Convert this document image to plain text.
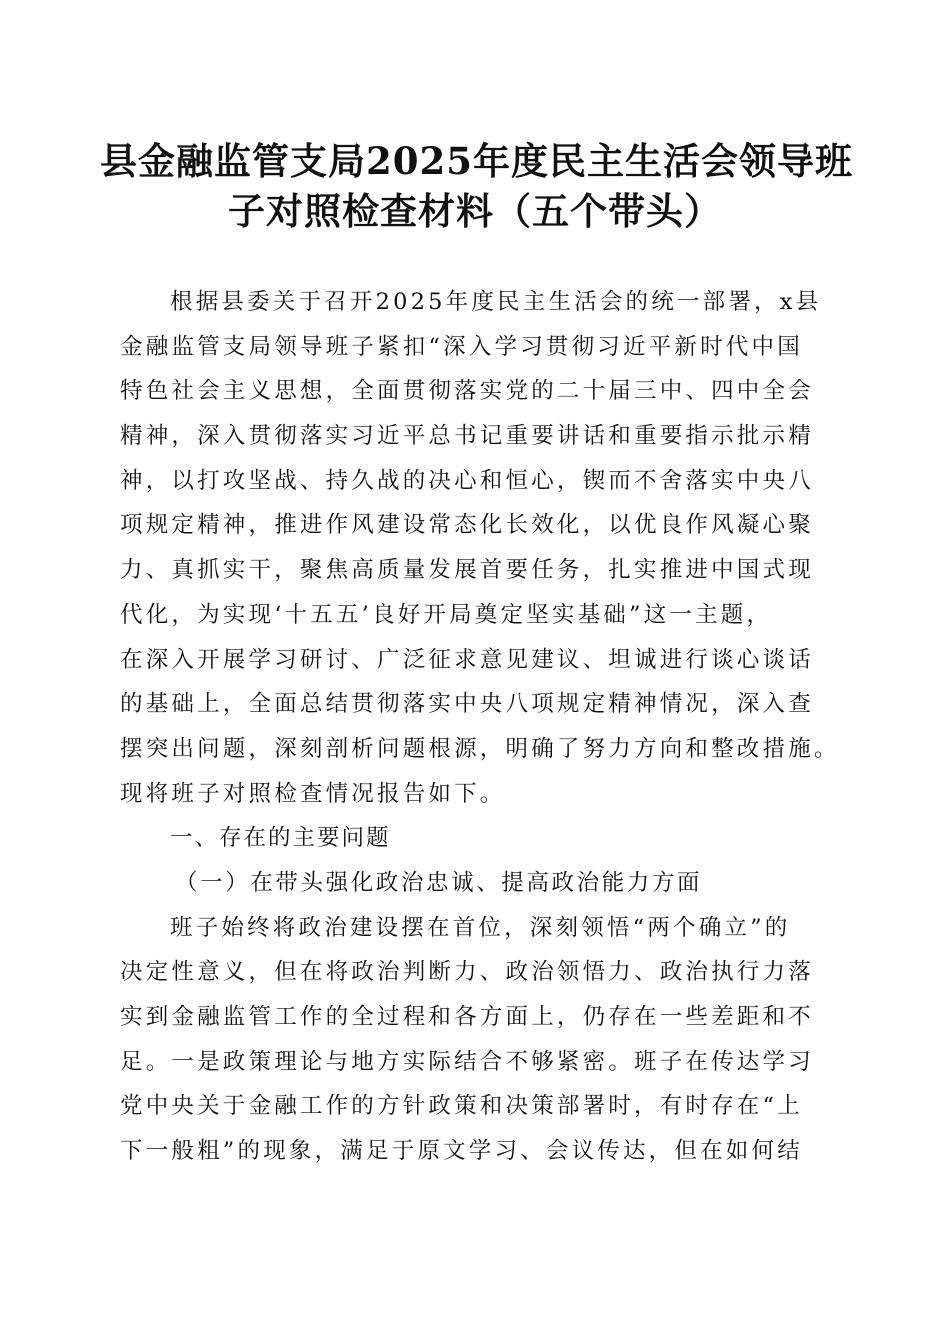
县金融监管支局2025年度民主生活会领导班
子对照检查材料（五个带头）
根据县委关于召开2025年度民主生活会的统一部署，x县
金融监管支局领导班子紧扣“深入学习贯彻习近平新时代中国
特色社会主义思想，全面贯彻落实党的二十届三中、四中全会
精神，深入贯彻落实习近平总书记重要讲话和重要指示批示精
神，以打攻坚战、持久战的决心和恒心，锲而不舍落实中央八
项规定精神，推进作风建设常态化长效化，以优良作风凝心聚
力、真抓实干，聚焦高质量发展首要任务，扎实推进中国式现
代化，为实现‘十五五’良好开局奠定坚实基础”这一主题，
在深入开展学习研讨、广泛征求意见建议、坦诚进行谈心谈话
的基础上，全面总结贯彻落实中央八项规定精神情况，深入查
摆突出问题，深刻剖析问题根源，明确了努力方向和整改措施。
现将班子对照检查情况报告如下。
一、存在的主要问题
（一）在带头强化政治忠诚、提高政治能力方面
班子始终将政治建设摆在首位，深刻领悟“两个确立”的
决定性意义，但在将政治判断力、政治领悟力、政治执行力落
实到金融监管工作的全过程和各方面上，仍存在一些差距和不
足。一是政策理论与地方实际结合不够紧密。班子在传达学习
党中央关于金融工作的方针政策和决策部署时，有时存在“上
下一般粗”的现象，满足于原文学习、会议传达，但在如何结
